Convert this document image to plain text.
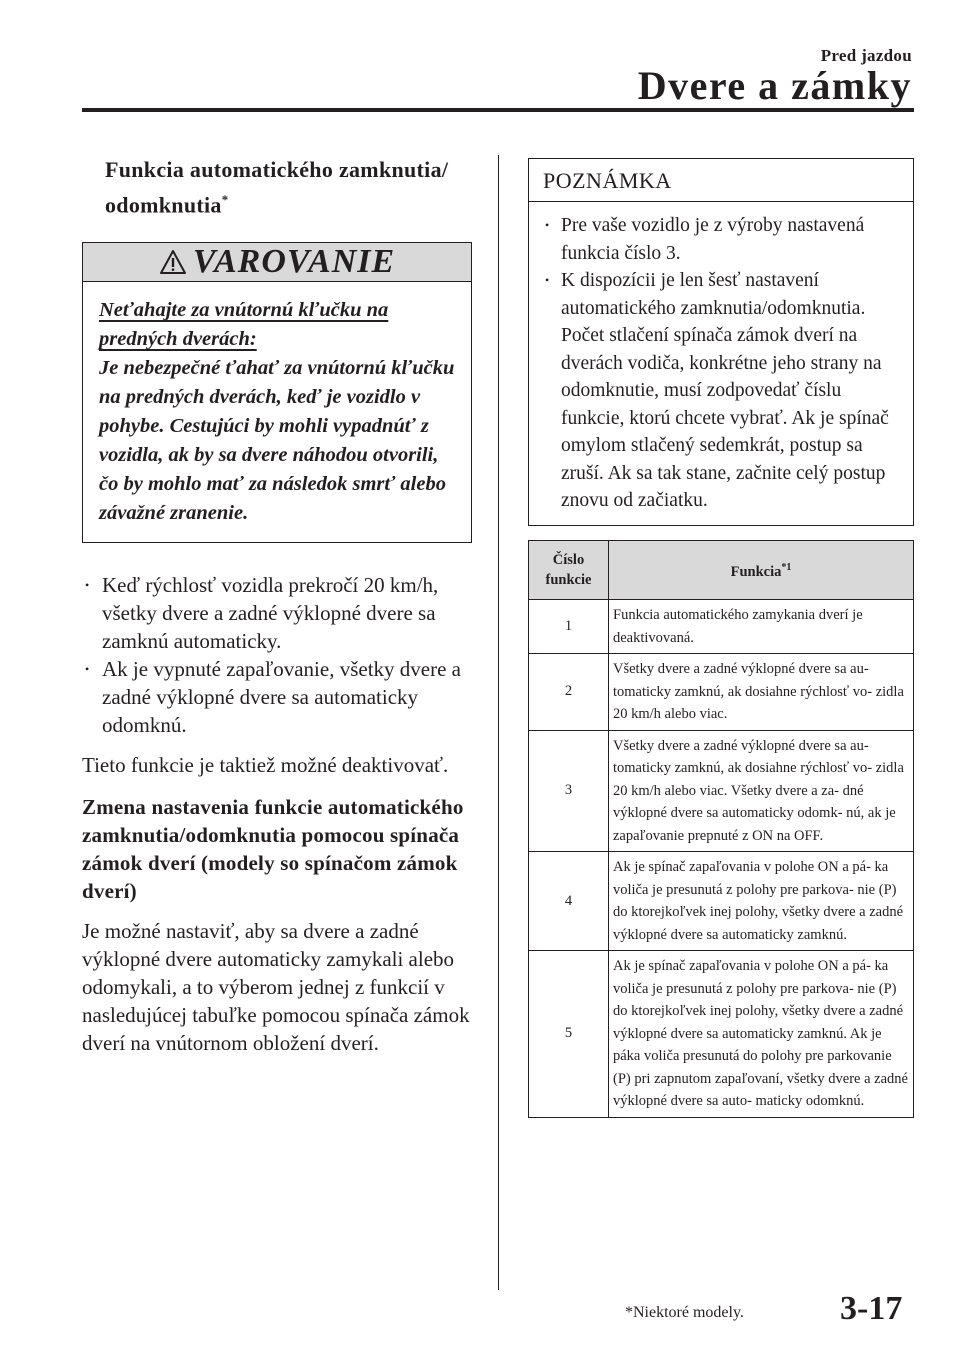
Pred jazdou
Dvere a zámky
Funkcia automatického zamknutia/ odomknutia*
VAROVANIE
Neťahajte za vnútornú kľučku na predných dverách:
Je nebezpečné ťahať za vnútornú kľučku na predných dverách, keď je vozidlo v pohybe. Cestujúci by mohli vypadnúť z vozidla, ak by sa dvere náhodou otvorili, čo by mohlo mať za následok smrť alebo závažné zranenie.
• Keď rýchlosť vozidla prekročí 20 km/h, všetky dvere a zadné výklopné dvere sa zamknú automaticky.
• Ak je vypnuté zapaľovanie, všetky dvere a zadné výklopné dvere sa automaticky odomknú.

Tieto funkcie je taktiež možné deaktivovať.

Zmena nastavenia funkcie automatického zamknutia/odomknutia pomocou spínača zámok dverí (modely so spínačom zámok dverí)

Je možné nastaviť, aby sa dvere a zadné výklopné dvere automaticky zamykali alebo odomykali, a to výberom jednej z funkcií v nasledujúcej tabuľke pomocou spínača zámok dverí na vnútornom obložení dverí.

POZNÁMKA
• Pre vaše vozidlo je z výroby nastavená funkcia číslo 3.
• K dispozícii je len šesť nastavení automatického zamknutia/odomknutia. Počet stlačení spínača zámok dverí na dverách vodiča, konkrétne jeho strany na odomknutie, musí zodpovedať číslu funkcie, ktorú chcete vybrať. Ak je spínač omylom stlačený sedemkrát, postup sa zruší. Ak sa tak stane, začnite celý postup znovu od začiatku.
Číslo
funkcie	Funkcia$^{*1}$
1	Funkcia automatického zamykania dverí je deaktivovaná.
2	Všetky dvere a zadné výklopné dvere sa au- tomaticky zamknú, ak dosiahne rýchlosť vo- zidla 20 km/h alebo viac.
3	Všetky dvere a zadné výklopné dvere sa au- tomaticky zamknú, ak dosiahne rýchlosť vo- zidla 20 km/h alebo viac. Všetky dvere a za- dné výklopné dvere sa automaticky odomk- nú, ak je zapaľovanie prepnuté z ON na OFF.
4	Ak je spínač zapaľovania v polohe ON a pá- ka voliča je presunutá z polohy pre parkova- nie (P) do ktorejkoľvek inej polohy, všetky dvere a zadné výklopné dvere sa automaticky zamknú.
5	Ak je spínač zapaľovania v polohe ON a pá- ka voliča je presunutá z polohy pre parkova- nie (P) do ktorejkoľvek inej polohy, všetky dvere a zadné výklopné dvere sa automaticky zamknú. Ak je páka voliča presunutá do polohy pre parkovanie (P) pri zapnutom zapaľovaní, všetky dvere a zadné výklopné dvere sa auto- maticky odomknú.
*Niektoré modely.	3-17
